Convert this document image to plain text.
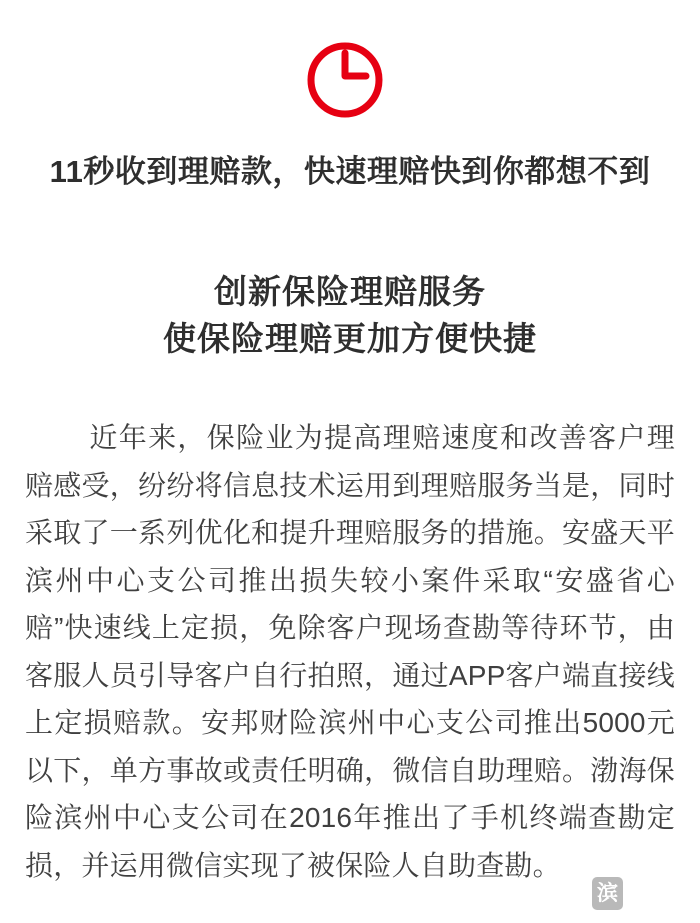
11秒收到理赔款，快速理赔快到你都想不到
创新保险理赔服务
使保险理赔更加方便快捷

近年来，保险业为提高理赔速度和改善客户理赔感受，纷纷将信息技术运用到理赔服务当是，同时采取了一系列优化和提升理赔服务的措施。安盛天平滨州中心支公司推出损失较小案件采取“安盛省心赔”快速线上定损，免除客户现场查勘等待环节，由客服人员引导客户自行拍照，通过APP客户端直接线上定损赔款。安邦财险滨州中心支公司推出5000元以下，单方事故或责任明确，微信自助理赔。渤海保险滨州中心支公司在2016年推出了手机终端查勘定损，并运用微信实现了被保险人自助查勘。

滨
